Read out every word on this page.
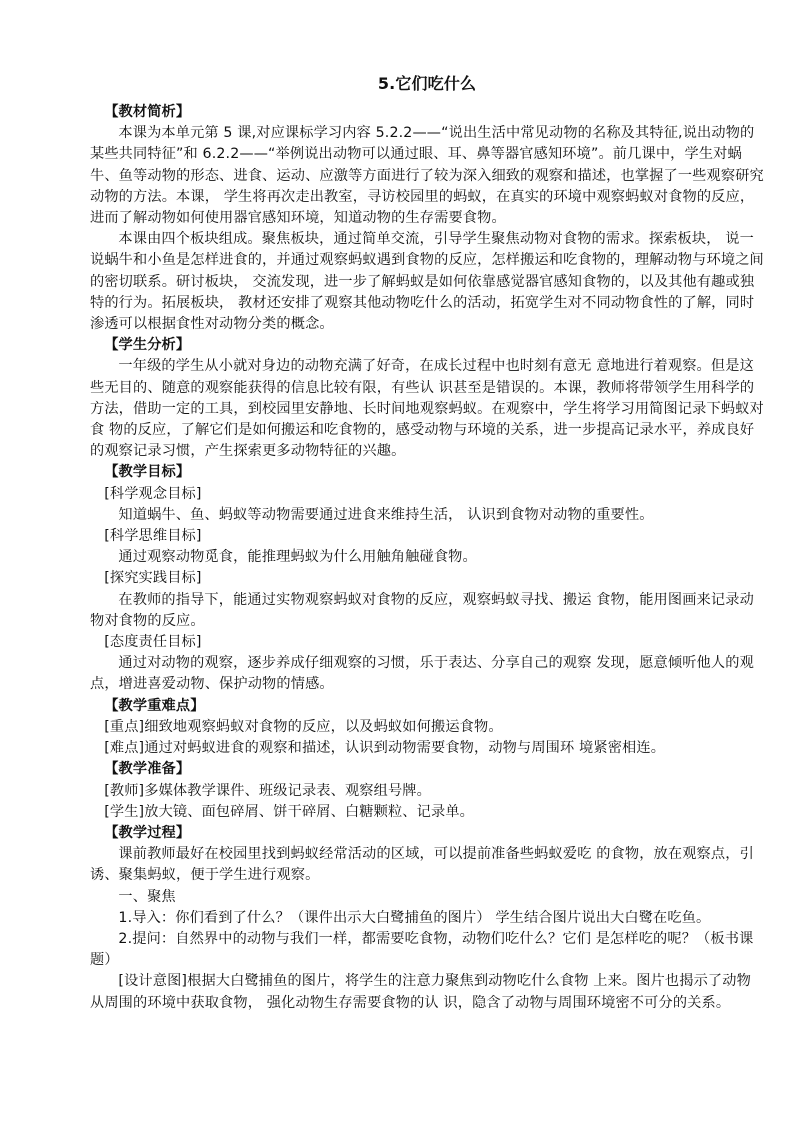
5.它们吃什么

【教材简析】

本课为本单元第 5 课,对应课标学习内容 5.2.2——“说出生活中常见动物的名称及其特征,说出动物的某些共同特征”和 6.2.2——“举例说出动物可以通过眼、耳、鼻等器官感知环境”。前几课中，学生对蜗牛、鱼等动物的形态、进食、运动、应激等方面进行了较为深入细致的观察和描述，也掌握了一些观察研究动物的方法。本课， 学生将再次走出教室，寻访校园里的蚂蚁，在真实的环境中观察蚂蚁对食物的反应，进而了解动物如何使用器官感知环境，知道动物的生存需要食物。

本课由四个板块组成。聚焦板块，通过简单交流，引导学生聚焦动物对食物的需求。探索板块， 说一说蜗牛和小鱼是怎样进食的，并通过观察蚂蚁遇到食物的反应，怎样搬运和吃食物的，理解动物与环境之间的密切联系。研讨板块， 交流发现，进一步了解蚂蚁是如何依靠感觉器官感知食物的，以及其他有趣或独特的行为。拓展板块， 教材还安排了观察其他动物吃什么的活动，拓宽学生对不同动物食性的了解，同时渗透可以根据食性对动物分类的概念。

【学生分析】

一年级的学生从小就对身边的动物充满了好奇，在成长过程中也时刻有意无 意地进行着观察。但是这些无目的、随意的观察能获得的信息比较有限，有些认 识甚至是错误的。本课，教师将带领学生用科学的方法，借助一定的工具，到校园里安静地、长时间地观察蚂蚁。在观察中，学生将学习用简图记录下蚂蚁对食 物的反应，了解它们是如何搬运和吃食物的，感受动物与环境的关系，进一步提高记录水平，养成良好的观察记录习惯，产生探索更多动物特征的兴趣。

【教学目标】

[科学观念目标]

知道蜗牛、鱼、蚂蚁等动物需要通过进食来维持生活， 认识到食物对动物的重要性。

[科学思维目标]

通过观察动物觅食，能推理蚂蚁为什么用触角触碰食物。

[探究实践目标]

在教师的指导下，能通过实物观察蚂蚁对食物的反应，观察蚂蚁寻找、搬运 食物，能用图画来记录动物对食物的反应。

[态度责任目标]

通过对动物的观察，逐步养成仔细观察的习惯，乐于表达、分享自己的观察 发现，愿意倾听他人的观点，增进喜爱动物、保护动物的情感。

【教学重难点】

[重点]细致地观察蚂蚁对食物的反应，以及蚂蚁如何搬运食物。

[难点]通过对蚂蚁进食的观察和描述，认识到动物需要食物，动物与周围环 境紧密相连。

【教学准备】

[教师]多媒体教学课件、班级记录表、观察组号牌。

[学生]放大镜、面包碎屑、饼干碎屑、白糖颗粒、记录单。

【教学过程】

课前教师最好在校园里找到蚂蚁经常活动的区域，可以提前准备些蚂蚁爱吃 的食物，放在观察点，引诱、聚集蚂蚁，便于学生进行观察。

一、聚焦

1.导入：你们看到了什么？（课件出示大白鹭捕鱼的图片） 学生结合图片说出大白鹭在吃鱼。

2.提问：自然界中的动物与我们一样，都需要吃食物，动物们吃什么？它们 是怎样吃的呢？（板书课题）

[设计意图]根据大白鹭捕鱼的图片，将学生的注意力聚焦到动物吃什么食物 上来。图片也揭示了动物从周围的环境中获取食物， 强化动物生存需要食物的认 识，隐含了动物与周围环境密不可分的关系。
